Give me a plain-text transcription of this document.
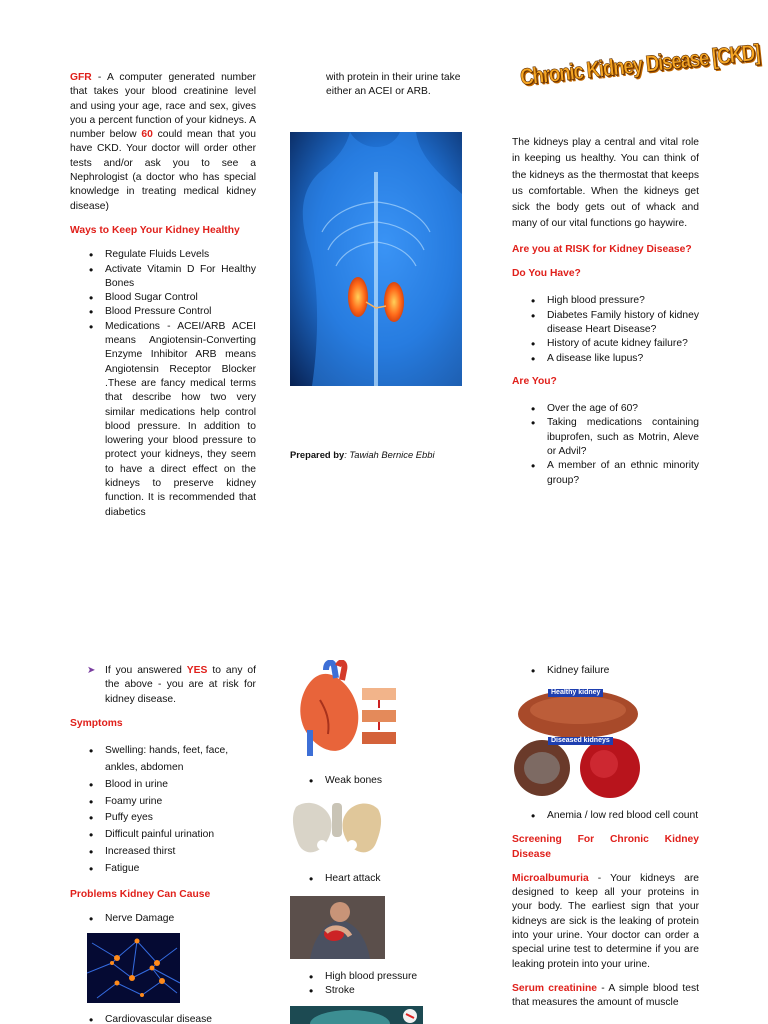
GFR - A computer generated number that takes your blood creatinine level and using your age, race and sex, gives you a percent function of your kidneys. A number below 60 could mean that you have CKD. Your doctor will order other tests and/or ask you to see a Nephrologist (a doctor who has special knowledge in treating medical kidney disease)

Ways to Keep Your Kidney Healthy

• Regulate Fluids Levels
• Activate Vitamin D For Healthy Bones
• Blood Sugar Control
• Blood Pressure Control
• Medications - ACEI/ARB ACEI means Angiotensin-Converting Enzyme Inhibitor ARB means Angiotensin Receptor Blocker .These are fancy medical terms that describe how two very similar medications help control blood pressure. In addition to lowering your blood pressure to protect your kidneys, they seem to have a direct effect on the kidneys to preserve kidney function. It is recommended that diabetics

with protein in their urine take either an ACEI or ARB.

Prepared by: Tawiah Bernice Ebbi
Chronic Kidney Disease [CKD]

The kidneys play a central and vital role in keeping us healthy. You can think of the kidneys as the thermostat that keeps us comfortable. When the kidneys get sick the body gets out of whack and many of our vital functions go haywire.

Are you at RISK for Kidney Disease?

Do You Have?

• High blood pressure?
• Diabetes Family history of kidney disease Heart Disease?
• History of acute kidney failure?
• A disease like lupus?

Are You?

• Over the age of 60?
• Taking medications containing ibuprofen, such as Motrin, Aleve or Advil?
• A member of an ethnic minority group?
➤ If you answered YES to any of the above - you are at risk for kidney disease.

Symptoms

• Swelling: hands, feet, face, ankles, abdomen
• Blood in urine
• Foamy urine
• Puffy eyes
• Difficult painful urination
• Increased thirst
• Fatigue

Problems Kidney Can Cause

• Nerve Damage
• Cardiovascular disease
• Weak bones
• Heart attack
• High blood pressure
• Stroke
• Kidney failure
Healthy kidney
Diseased kidneys
• Anemia / low red blood cell count

Screening For Chronic Kidney Disease

Microalbumuria - Your kidneys are designed to keep all your proteins in your body. The earliest sign that your kidneys are sick is the leaking of protein into your urine. Your doctor can order a special urine test to determine if you are leaking protein into your urine.

Serum creatinine - A simple blood test that measures the amount of muscle
